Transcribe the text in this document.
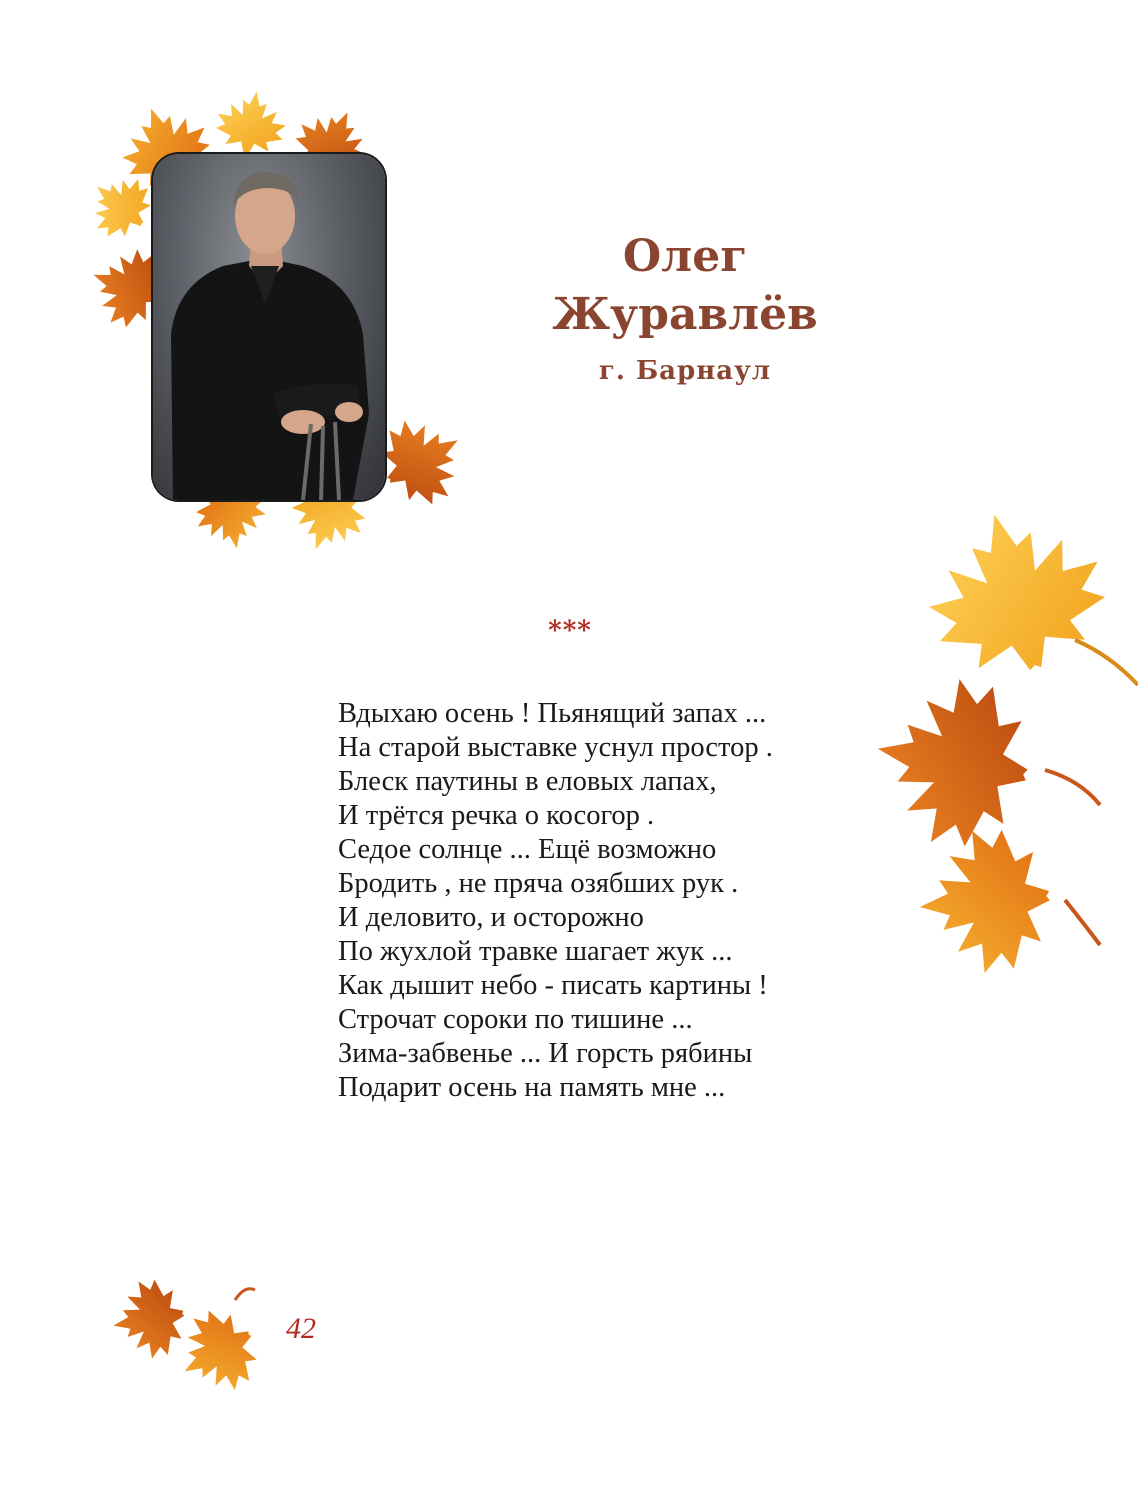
Олег
Журавлёв
г. Барнаул
***
Вдыхаю осень ! Пьянящий запах ...
На старой выставке уснул простор .
Блеск паутины в еловых лапах,
И трётся речка о косогор .
Седое солнце ... Ещё возможно
Бродить , не пряча озябших рук .
И деловито, и осторожно
По жухлой травке шагает жук ...
Как дышит небо - писать картины !
Строчат сороки по тишине ...
Зима-забвенье ... И горсть рябины
Подарит осень на память мне ...
42
